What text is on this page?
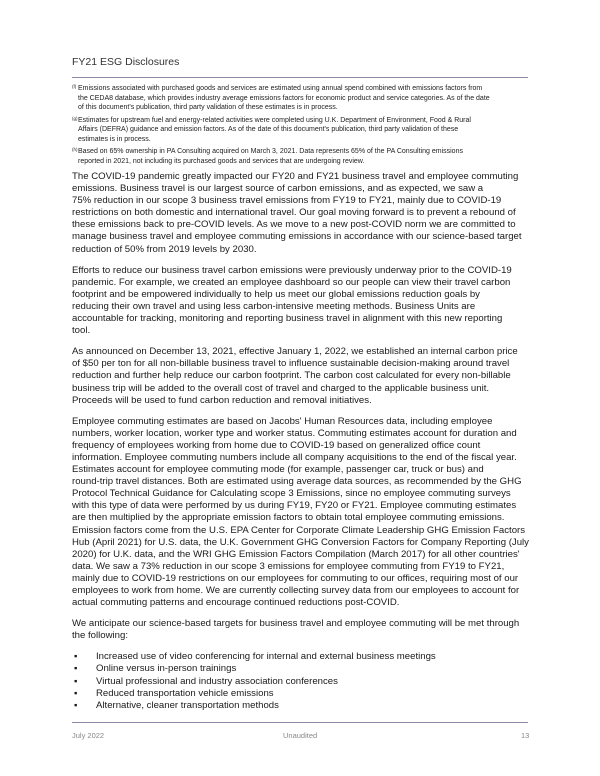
FY21 ESG Disclosures
(f) Emissions associated with purchased goods and services are estimated using annual spend combined with emissions factors from
the CEDA8 database, which provides industry average emissions factors for economic product and service categories. As of the date
of this document's publication, third party validation of these estimates is in process.
(g) Estimates for upstream fuel and energy-related activities were completed using U.K. Department of Environment, Food & Rural
Affairs (DEFRA) guidance and emission factors. As of the date of this document's publication, third party validation of these
estimates is in process.
(h) Based on 65% ownership in PA Consulting acquired on March 3, 2021. Data represents 65% of the PA Consulting emissions
reported in 2021, not including its purchased goods and services that are undergoing review.
The COVID-19 pandemic greatly impacted our FY20 and FY21 business travel and employee commuting
emissions. Business travel is our largest source of carbon emissions, and as expected, we saw a
75% reduction in our scope 3 business travel emissions from FY19 to FY21, mainly due to COVID-19
restrictions on both domestic and international travel. Our goal moving forward is to prevent a rebound of
these emissions back to pre-COVID levels. As we move to a new post-COVID norm we are committed to
manage business travel and employee commuting emissions in accordance with our science-based target
reduction of 50% from 2019 levels by 2030.
Efforts to reduce our business travel carbon emissions were previously underway prior to the COVID-19
pandemic. For example, we created an employee dashboard so our people can view their travel carbon
footprint and be empowered individually to help us meet our global emissions reduction goals by
reducing their own travel and using less carbon-intensive meeting methods. Business Units are
accountable for tracking, monitoring and reporting business travel in alignment with this new reporting
tool.
As announced on December 13, 2021, effective January 1, 2022, we established an internal carbon price
of $50 per ton for all non-billable business travel to influence sustainable decision-making around travel
reduction and further help reduce our carbon footprint. The carbon cost calculated for every non-billable
business trip will be added to the overall cost of travel and charged to the applicable business unit.
Proceeds will be used to fund carbon reduction and removal initiatives.
Employee commuting estimates are based on Jacobs' Human Resources data, including employee
numbers, worker location, worker type and worker status. Commuting estimates account for duration and
frequency of employees working from home due to COVID-19 based on generalized office count
information. Employee commuting numbers include all company acquisitions to the end of the fiscal year.
Estimates account for employee commuting mode (for example, passenger car, truck or bus) and
round-trip travel distances. Both are estimated using average data sources, as recommended by the GHG
Protocol Technical Guidance for Calculating scope 3 Emissions, since no employee commuting surveys
with this type of data were performed by us during FY19, FY20 or FY21. Employee commuting estimates
are then multiplied by the appropriate emission factors to obtain total employee commuting emissions.
Emission factors come from the U.S. EPA Center for Corporate Climate Leadership GHG Emission Factors
Hub (April 2021) for U.S. data, the U.K. Government GHG Conversion Factors for Company Reporting (July
2020) for U.K. data, and the WRI GHG Emission Factors Compilation (March 2017) for all other countries'
data. We saw a 73% reduction in our scope 3 emissions for employee commuting from FY19 to FY21,
mainly due to COVID-19 restrictions on our employees for commuting to our offices, requiring most of our
employees to work from home. We are currently collecting survey data from our employees to account for
actual commuting patterns and encourage continued reductions post-COVID.
We anticipate our science-based targets for business travel and employee commuting will be met through
the following:
▪ Increased use of video conferencing for internal and external business meetings
▪ Online versus in-person trainings
▪ Virtual professional and industry association conferences
▪ Reduced transportation vehicle emissions
▪ Alternative, cleaner transportation methods
July 2022	Unaudited	13
